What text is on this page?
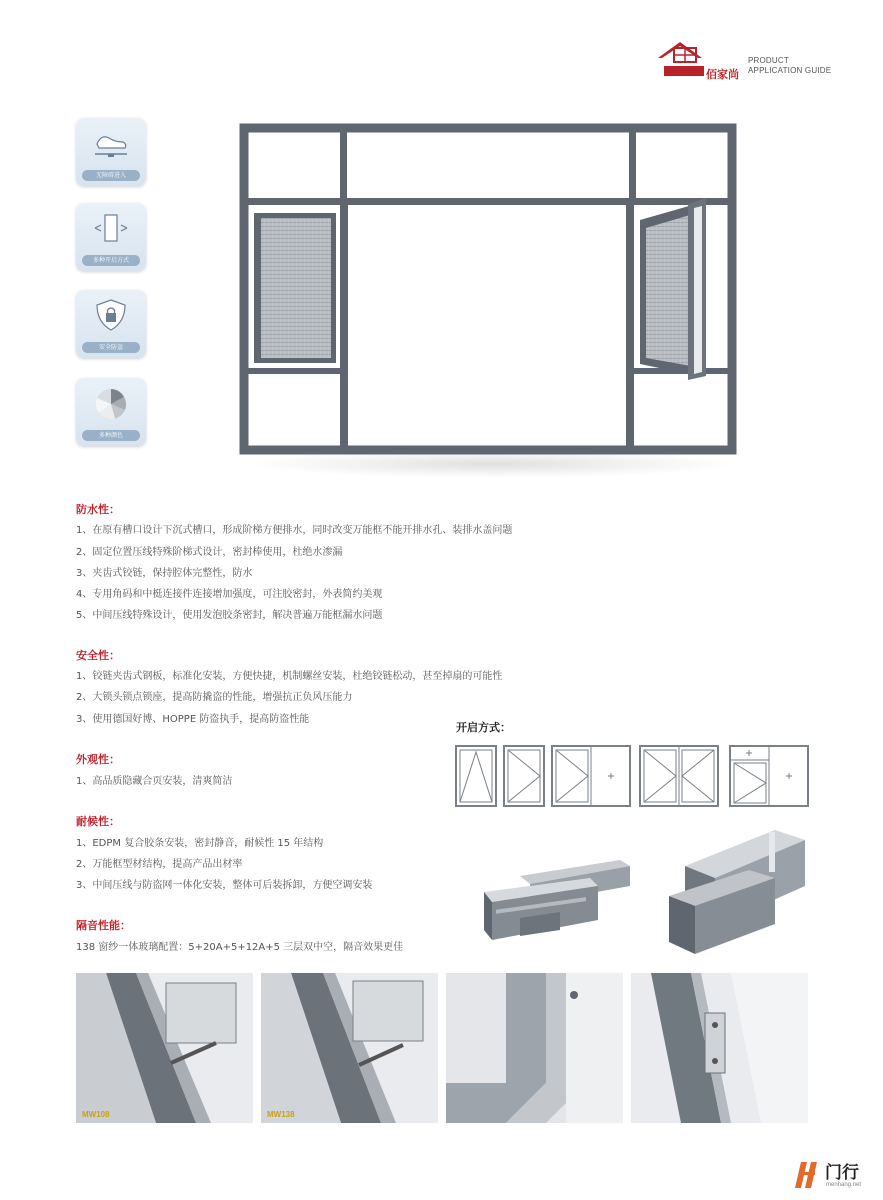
佰家尚
PRODUCT
APPLICATION GUIDE
无障碍进入
多种开启方式
安全防盗
多种颜色
防水性：
1、在原有槽口设计下沉式槽口，形成阶梯方便排水，同时改变万能框不能开排水孔、装排水盖问题
2、固定位置压线特殊阶梯式设计，密封棒使用，杜绝水渗漏
3、夹齿式铰链，保持腔体完整性，防水
4、专用角码和中梃连接件连接增加强度，可注胶密封，外表简约美观
5、中间压线特殊设计，使用发泡胶条密封，解决普遍万能框漏水问题
安全性：
1、铰链夹齿式钢板，标准化安装，方便快捷，机制螺丝安装，杜绝铰链松动，甚至掉扇的可能性
2、大锁头锁点锁座，提高防撬盗的性能，增强抗正负风压能力
3、使用德国好博、HOPPE 防盗执手，提高防盗性能
外观性：
1、高品质隐藏合页安装，清爽简洁
耐候性：
1、EDPM 复合胶条安装，密封静音，耐候性 15 年结构
2、万能框型材结构，提高产品出材率
3、中间压线与防盗网一体化安装，整体可后装拆卸，方便空调安装
隔音性能：
138 窗纱一体玻璃配置：5+20A+5+12A+5 三层双中空，隔音效果更佳
开启方式：
MW108	MW138
门行
menhang.net
